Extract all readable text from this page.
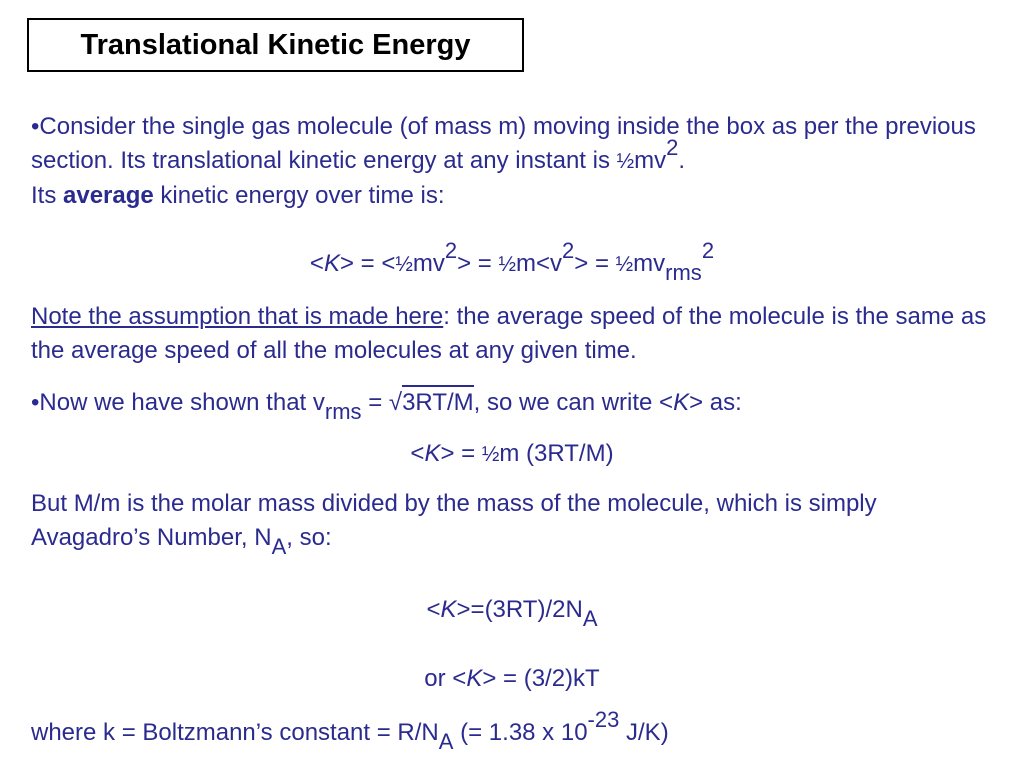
Translational Kinetic Energy

•Consider the single gas molecule (of mass m) moving inside the box as per the previous section. Its translational kinetic energy at any instant is $\frac{1}{2}mv^2$.
Its average kinetic energy over time is:

$<K> = <\frac{1}{2}mv^2>$ = $\frac{1}{2}m<v^2>$ = $\frac{1}{2}mv_{rms}^2$

Note the assumption that is made here: the average speed of the molecule is the same as the average speed of all the molecules at any given time.

•Now we have shown that $v_{rms} = √3RT/M$, so we can write <K> as:

<K> = ½m (3RT/M)

But M/m is the molar mass divided by the mass of the molecule, which is simply Avagadro’s Number, $N_A$, so:

$<K>=(3RT)/2N_A$
or <K> = (3/2)kT

where k = Boltzmann’s constant = $R/N_A$ (= 1.38 x $10^{-23}$ J/K)
